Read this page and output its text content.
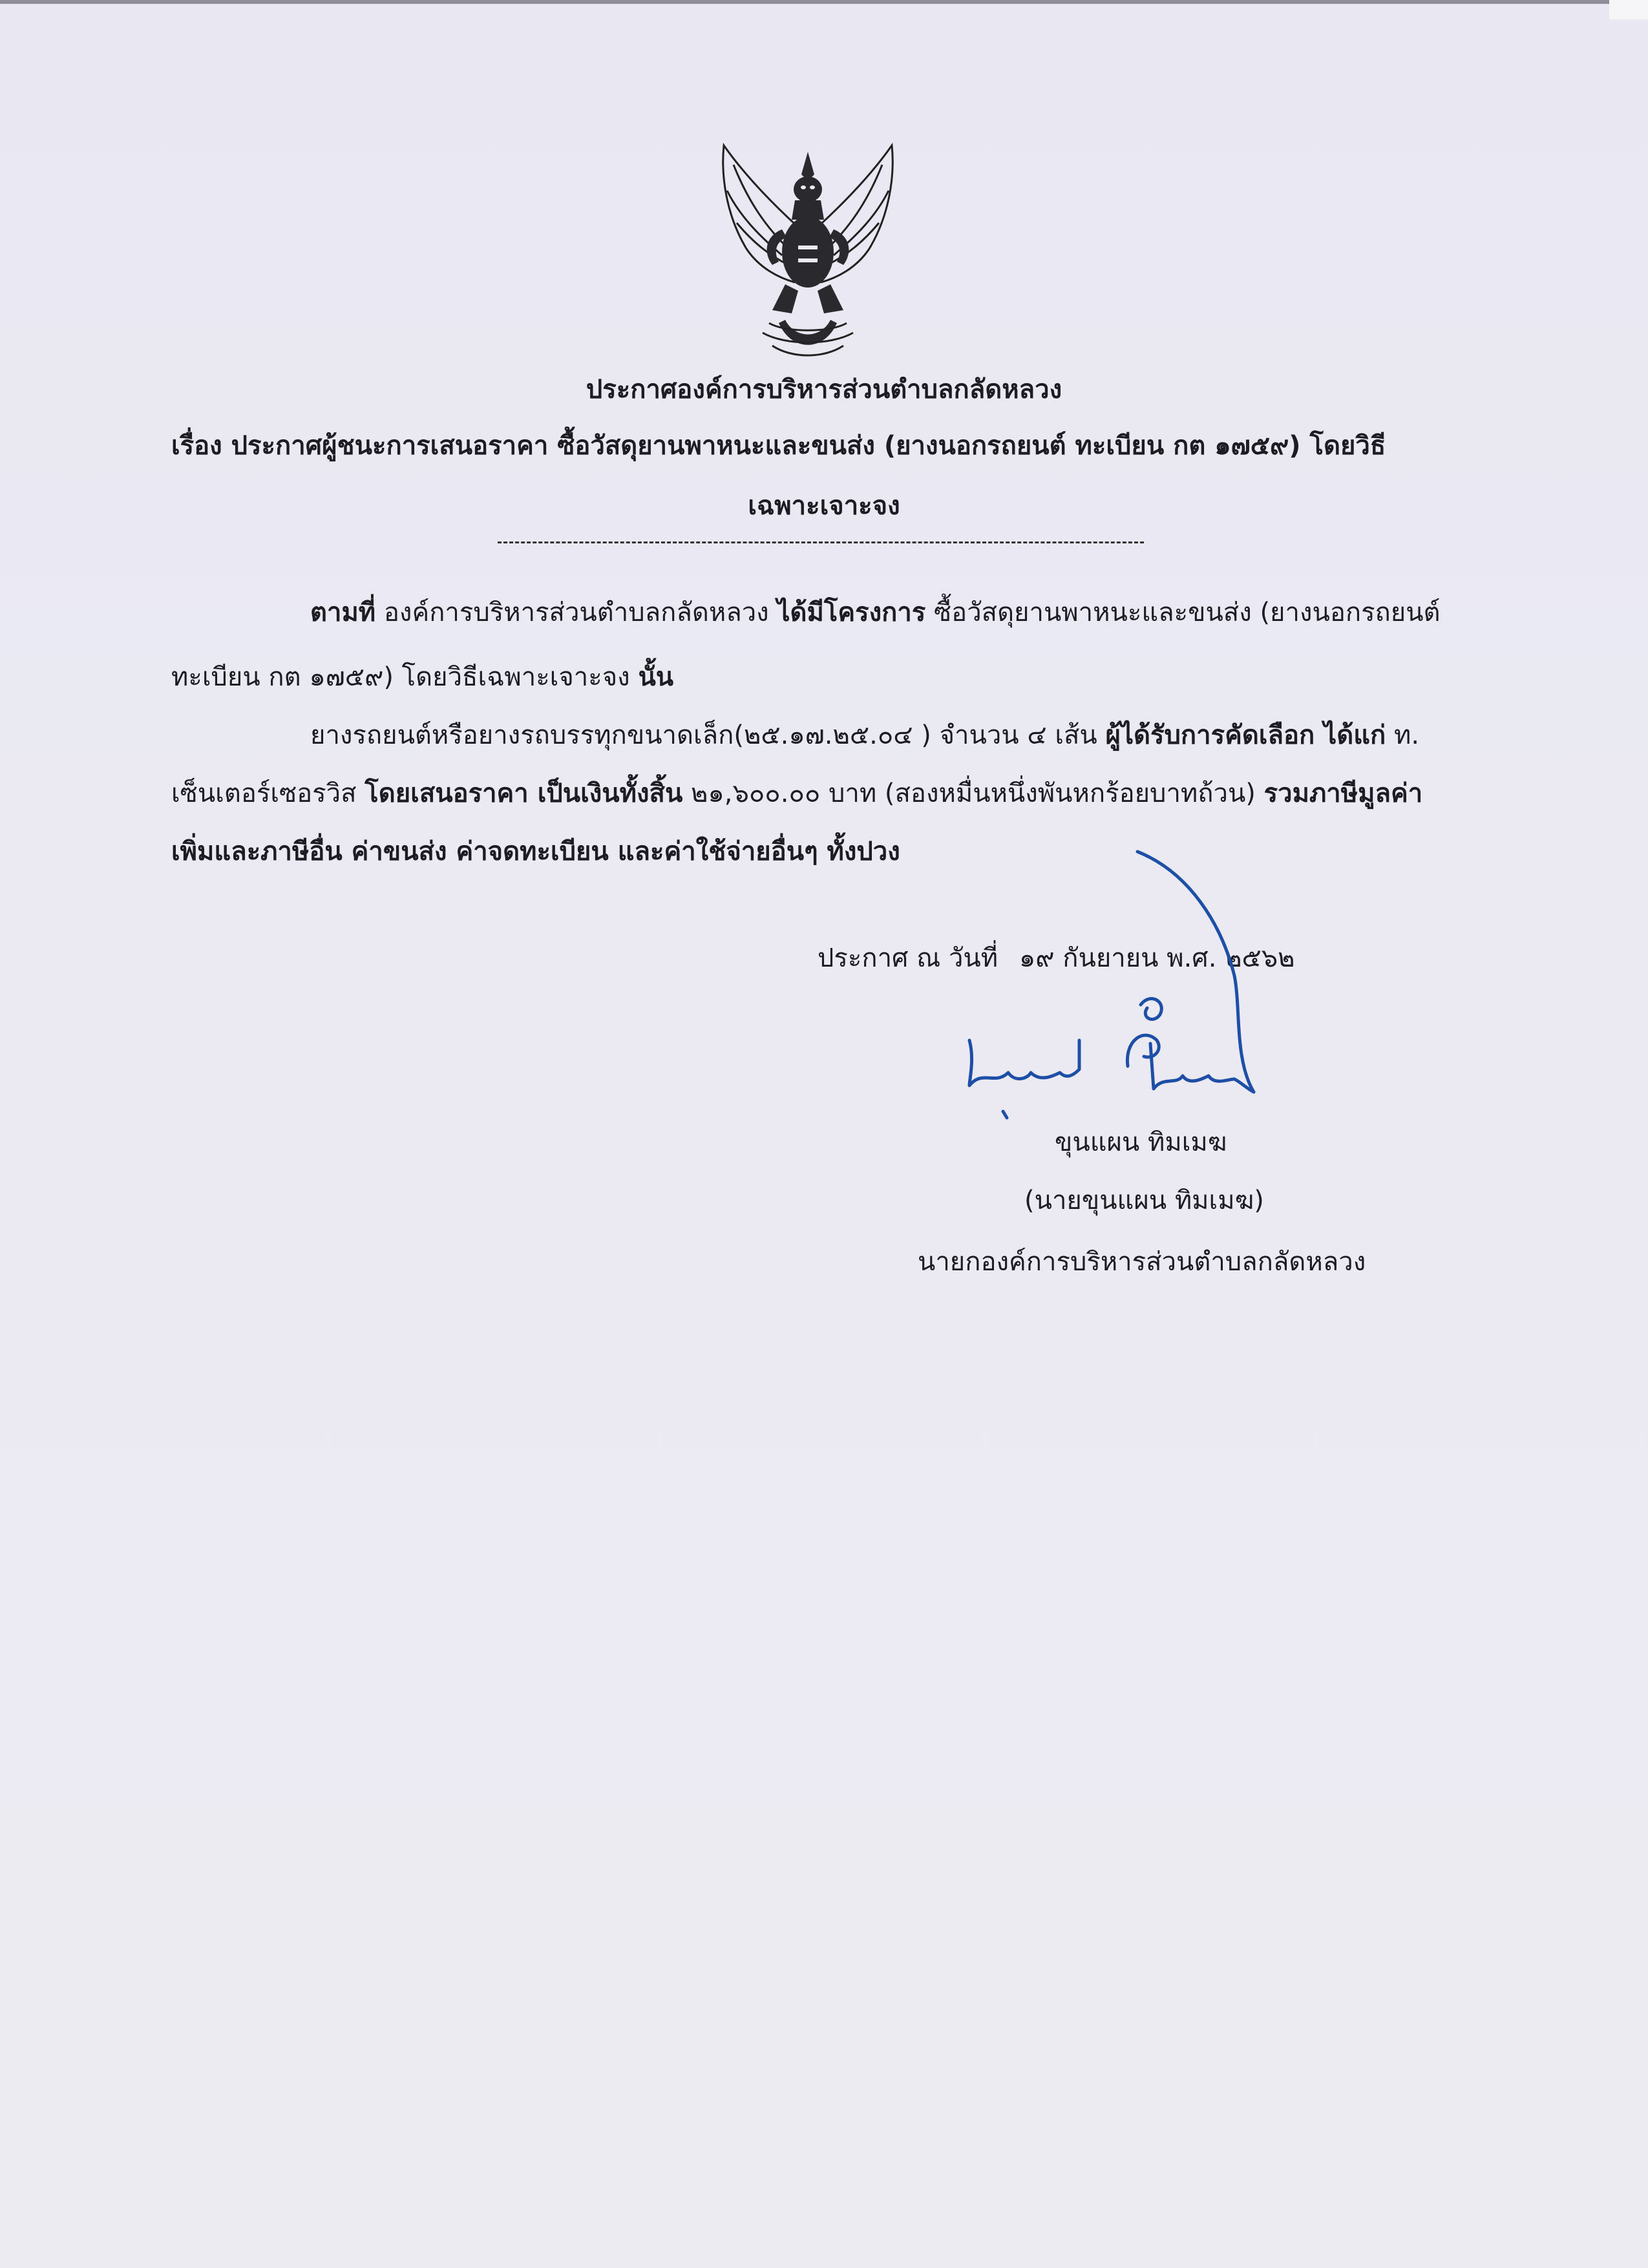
ประกาศองค์การบริหารส่วนตำบลกลัดหลวง
เรื่อง ประกาศผู้ชนะการเสนอราคา ซื้อวัสดุยานพาหนะและขนส่ง (ยางนอกรถยนต์ ทะเบียน กต ๑๗๕๙) โดยวิธี
เฉพาะเจาะจง
ตามที่ องค์การบริหารส่วนตำบลกลัดหลวง ได้มีโครงการ ซื้อวัสดุยานพาหนะและขนส่ง (ยางนอกรถยนต์
ทะเบียน กต ๑๗๕๙) โดยวิธีเฉพาะเจาะจง นั้น
ยางรถยนต์หรือยางรถบรรทุกขนาดเล็ก(๒๕.๑๗.๒๕.๐๔ ) จำนวน ๔ เส้น ผู้ได้รับการคัดเลือก ได้แก่ ท.
เซ็นเตอร์เซอรวิส โดยเสนอราคา เป็นเงินทั้งสิ้น ๒๑,๖๐๐.๐๐ บาท (สองหมื่นหนึ่งพันหกร้อยบาทถ้วน) รวมภาษีมูลค่า
เพิ่มและภาษีอื่น ค่าขนส่ง ค่าจดทะเบียน และค่าใช้จ่ายอื่นๆ ทั้งปวง
ประกาศ ณ วันที่ ๑๙ กันยายน พ.ศ. ๒๕๖๒
ขุนแผน ทิมเมฆ
(นายขุนแผน ทิมเมฆ)
นายกองค์การบริหารส่วนตำบลกลัดหลวง
